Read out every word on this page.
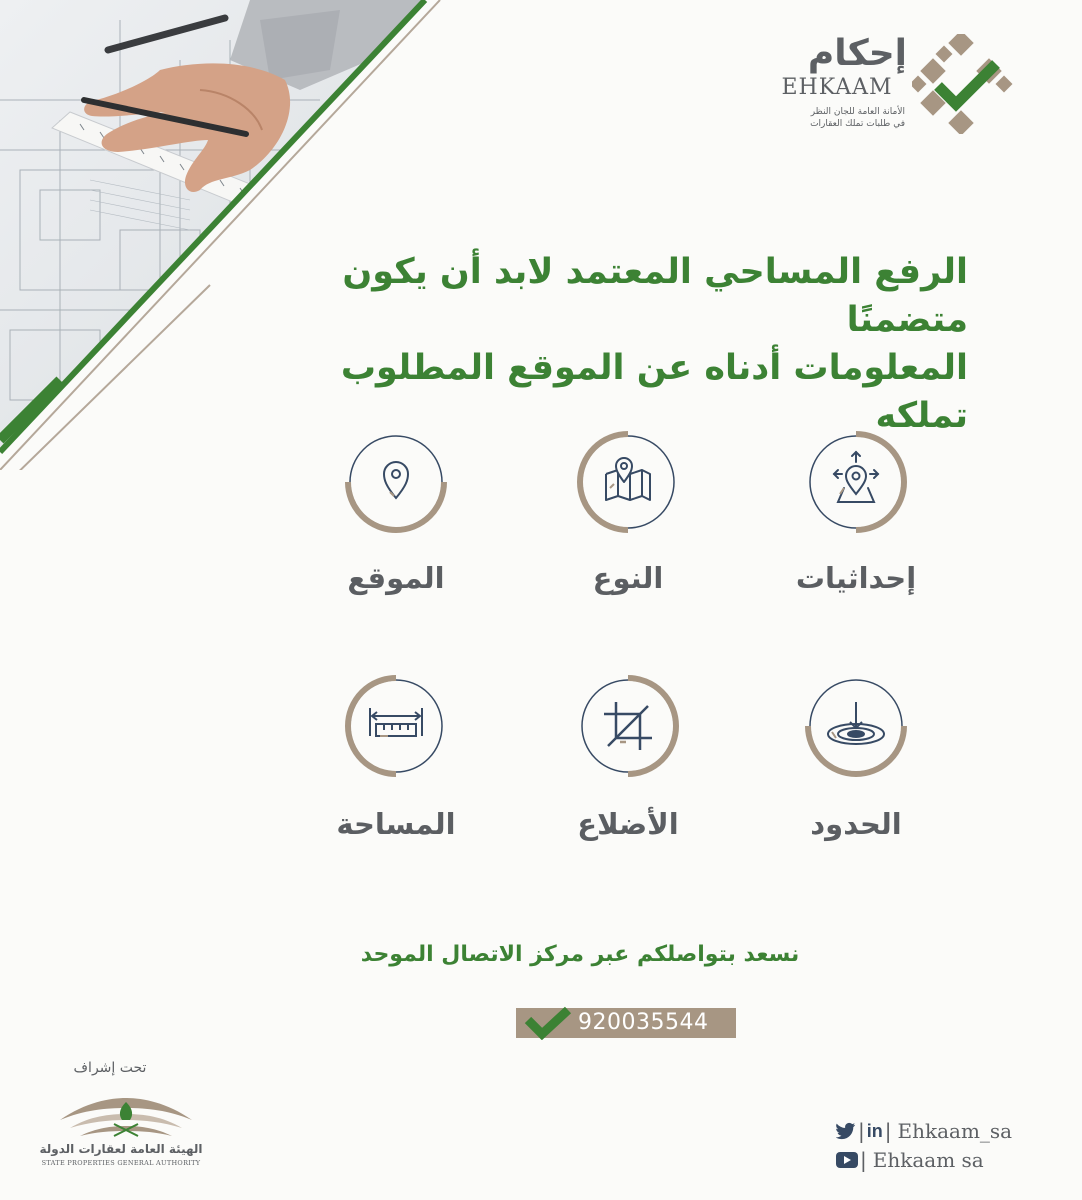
إحكام
EHKAAM
الأمانة العامة للجان النظر
في طلبات تملك العقارات
الرفع المساحي المعتمد لابد أن يكون متضمنًا
المعلومات أدناه عن الموقع المطلوب تملكه
إحداثيات
النوع
الموقع
الحدود
الأضلاع
المساحة
نسعد بتواصلكم عبر مركز الاتصال الموحد
920035544
تحت إشراف
الهيئة العامة لعقارات الدولة
STATE PROPERTIES GENERAL AUTHORITY
| in | Ehkaam_sa
| Ehkaam sa
